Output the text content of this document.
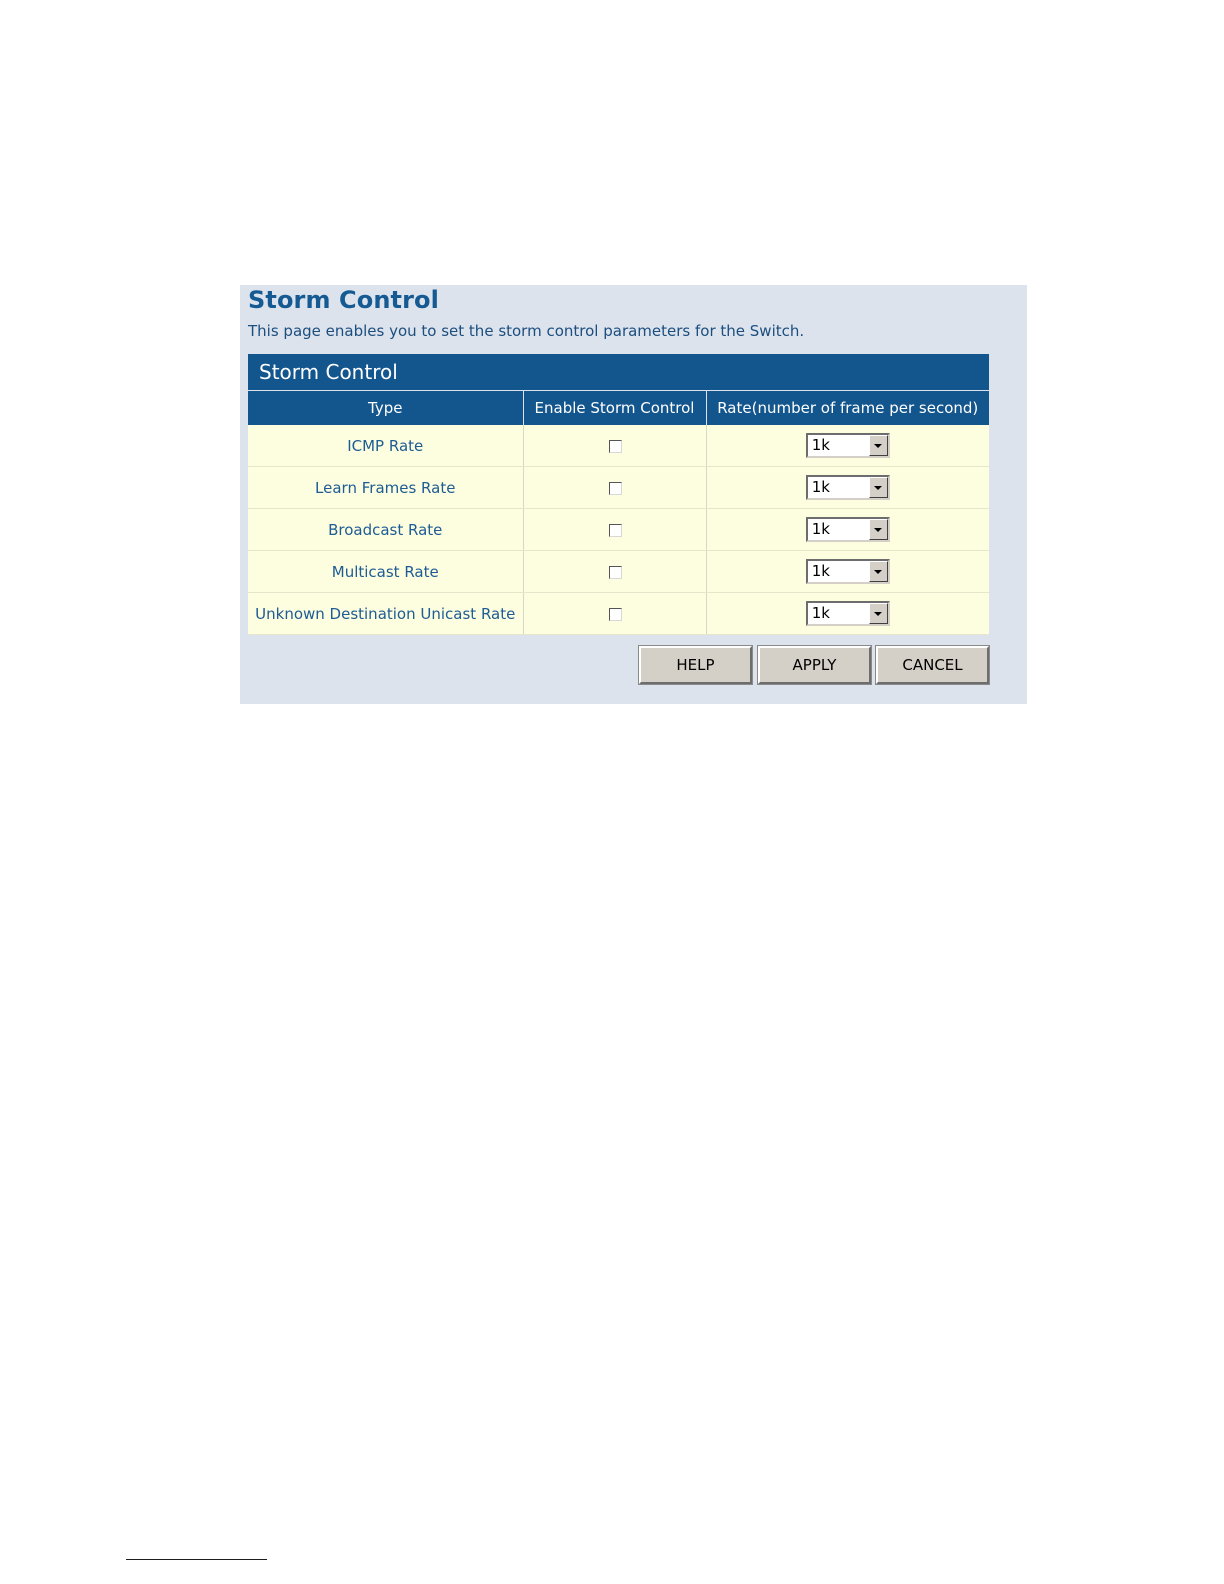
Storm Control

This page enables you to set the storm control parameters for the Switch.

Storm Control
Type	Enable Storm Control	Rate(number of frame per second)
ICMP Rate		1k

Learn Frames Rate		1k

Broadcast Rate		1k

Multicast Rate		1k

Unknown Destination Unicast Rate		1k
HELP	APPLY	CANCEL
